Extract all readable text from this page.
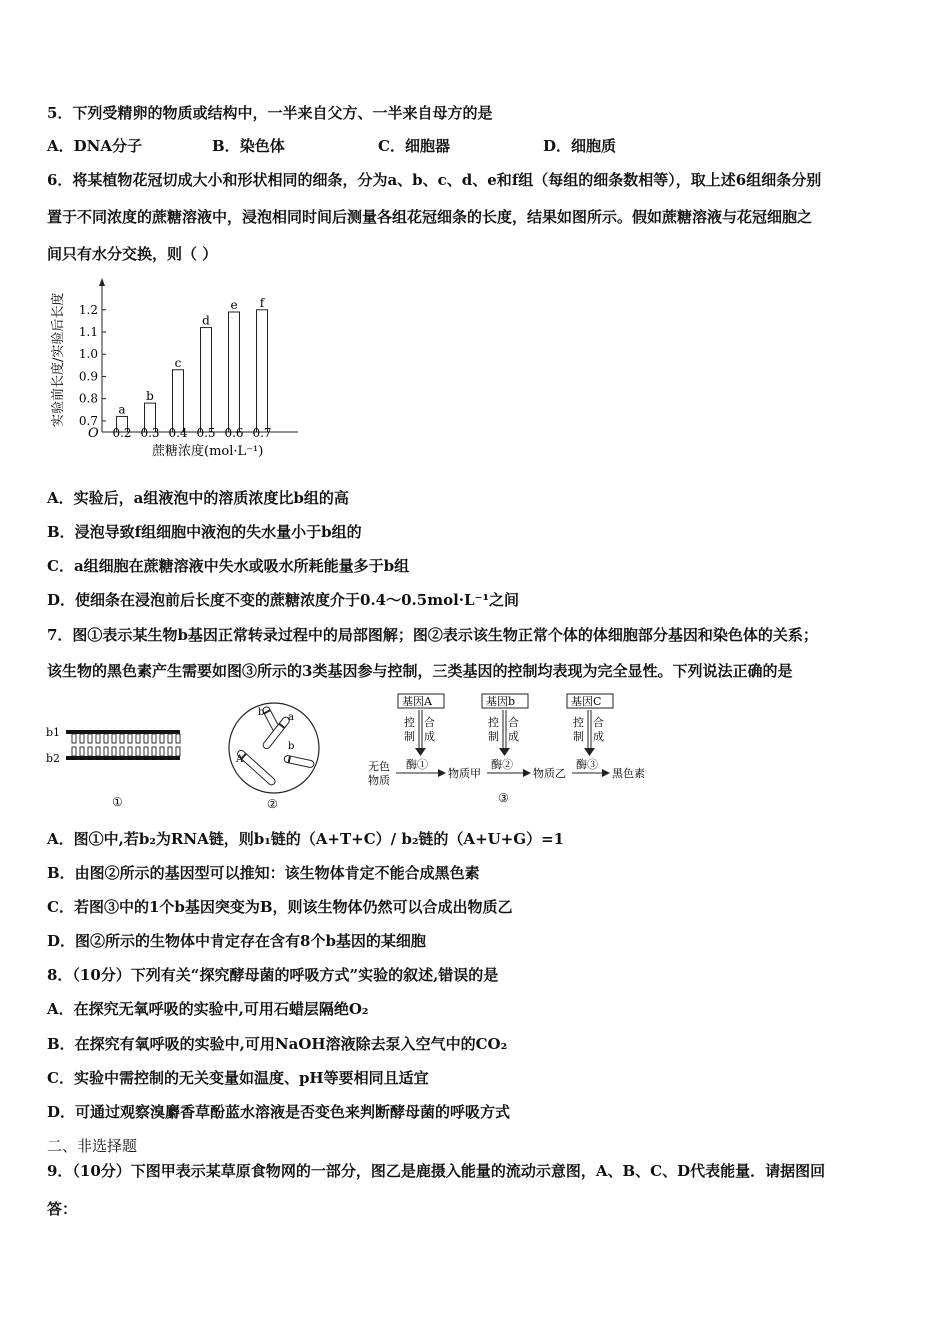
5．下列受精卵的物质或结构中，一半来自父方、一半来自母方的是
A．DNA分子	B．染色体	C．细胞器	D．细胞质
6．将某植物花冠切成大小和形状相同的细条，分为a、b、c、d、e和f组（每组的细条数相等），取上述6组细条分别
置于不同浓度的蔗糖溶液中，浸泡相同时间后测量各组花冠细条的长度，结果如图所示。假如蔗糖溶液与花冠细胞之
间只有水分交换，则（ ）
实验前长度/实验后长度
O
0.7
0.8
0.9
1.0
1.1
1.2
a
0.2
b
0.3
c
0.4
d
0.5
e
0.6
f
0.7
蔗糖浓度(mol·L⁻¹)
A．实验后，a组液泡中的溶质浓度比b组的高
B．浸泡导致f组细胞中液泡的失水量小于b组的
C．a组细胞在蔗糖溶液中失水或吸水所耗能量多于b组
D．使细条在浸泡前后长度不变的蔗糖浓度介于0.4～0.5mol·L⁻¹之间
7．图①表示某生物b基因正常转录过程中的局部图解；图②表示该生物正常个体的体细胞部分基因和染色体的关系；
该生物的黑色素产生需要如图③所示的3类基因参与控制，三类基因的控制均表现为完全显性。下列说法正确的是
b1
b2
①
b a
A
b
②
基因A	基因b	基因C
控
制
合
成
控
制
合
成
控
制
合
成
酶①	酶②	酶③
无色
物质
物质甲	物质乙	黑色素
③
A．图①中,若b₂为RNA链，则b₁链的（A+T+C）/ b₂链的（A+U+G）=1
B．由图②所示的基因型可以推知：该生物体肯定不能合成黑色素
C．若图③中的1个b基因突变为B，则该生物体仍然可以合成出物质乙
D．图②所示的生物体中肯定存在含有8个b基因的某细胞
8．（10分）下列有关“探究酵母菌的呼吸方式”实验的叙述,错误的是
A．在探究无氧呼吸的实验中,可用石蜡层隔绝O₂
B．在探究有氧呼吸的实验中,可用NaOH溶液除去泵入空气中的CO₂
C．实验中需控制的无关变量如温度、pH等要相同且适宜
D．可通过观察溴麝香草酚蓝水溶液是否变色来判断酵母菌的呼吸方式
二、非选择题
9．（10分）下图甲表示某草原食物网的一部分，图乙是鹿摄入能量的流动示意图，A、B、C、D代表能量．请据图回
答：
